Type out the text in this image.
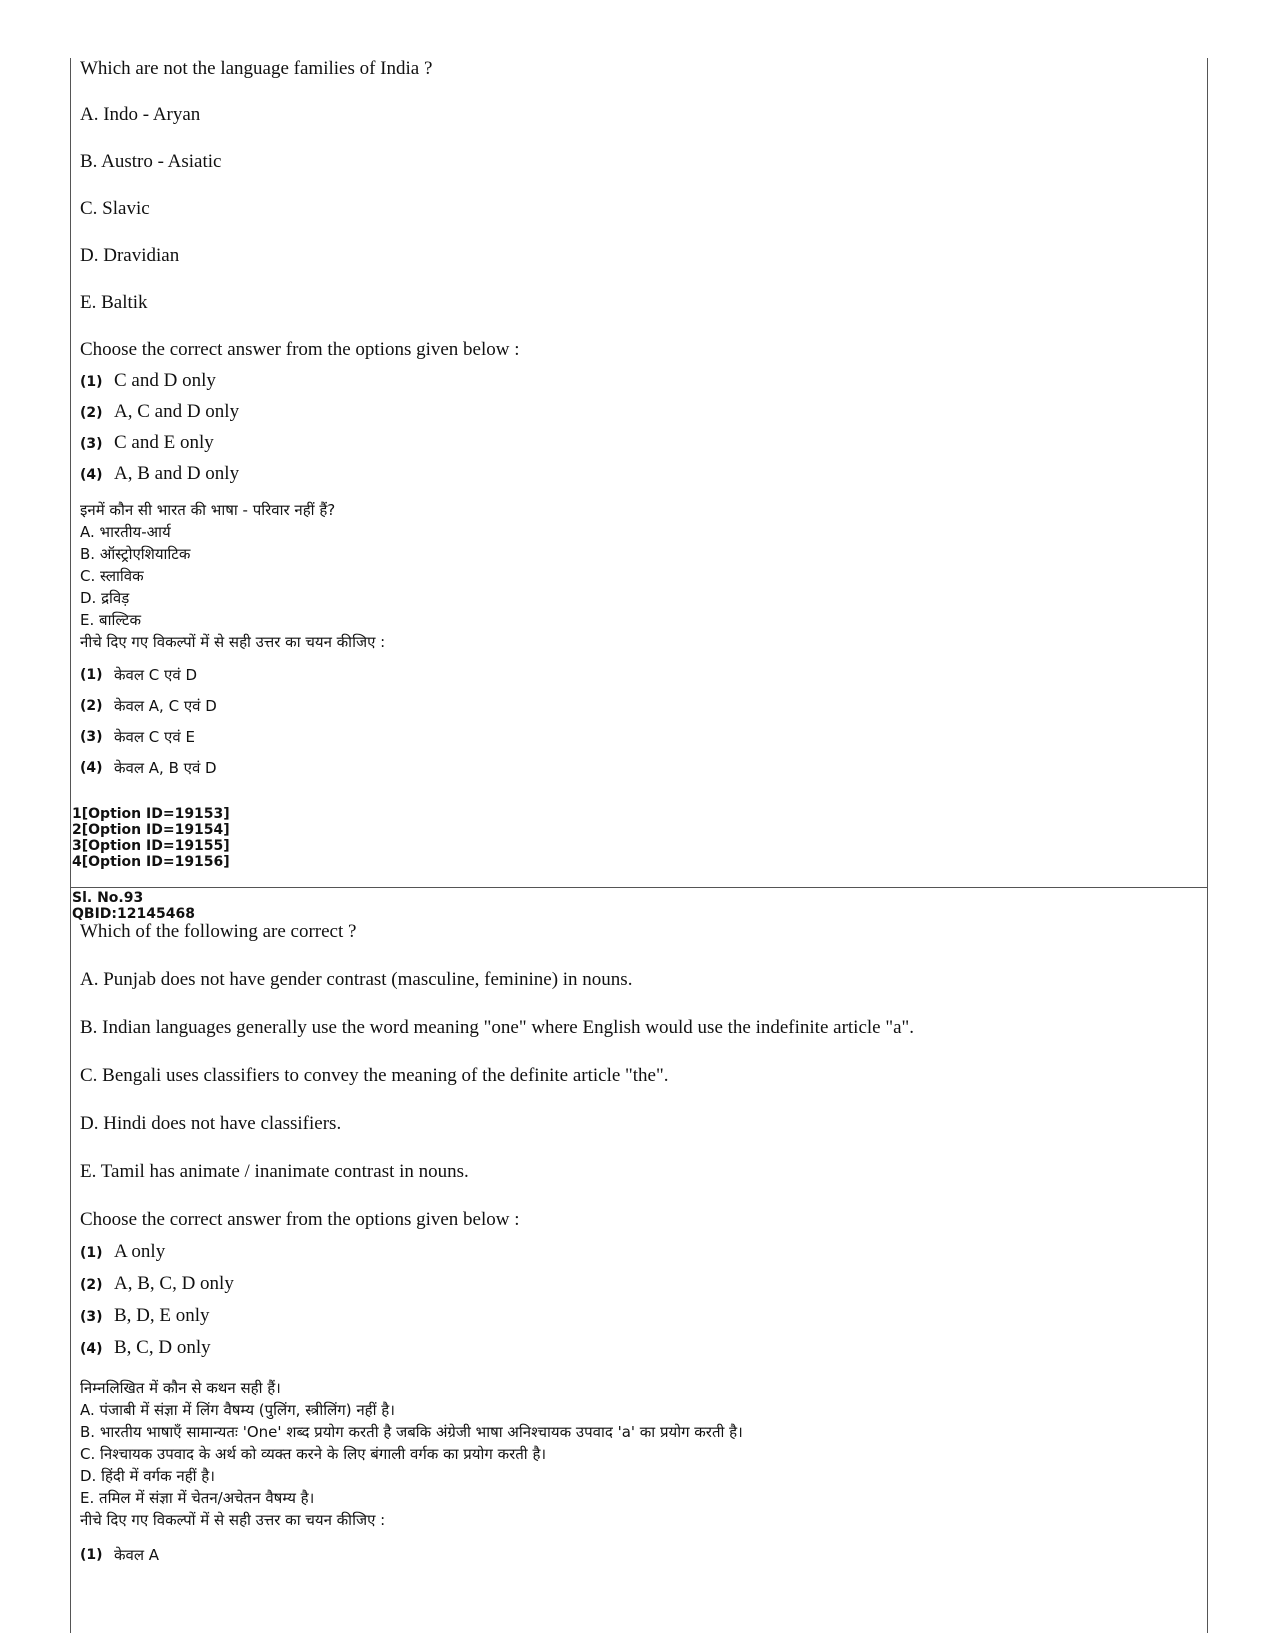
Which are not the language families of India ?
A. Indo - Aryan
B. Austro - Asiatic
C. Slavic
D. Dravidian
E. Baltik
Choose the correct answer from the options given below :
(1) C and D only
(2) A, C and D only
(3) C and E only
(4) A, B and D only
इनमें कौन सी भारत की भाषा - परिवार नहीं हैं?
A. भारतीय-आर्य
B. ऑस्ट्रोएशियाटिक
C. स्लाविक
D. द्रविड़
E. बाल्टिक
नीचे दिए गए विकल्पों में से सही उत्तर का चयन कीजिए :
(1) केवल C एवं D
(2) केवल A, C एवं D
(3) केवल C एवं E
(4) केवल A, B एवं D
1[Option ID=19153]
2[Option ID=19154]
3[Option ID=19155]
4[Option ID=19156]
Sl. No.93
QBID:12145468
Which of the following are correct ?
A. Punjab does not have gender contrast (masculine, feminine) in nouns.
B. Indian languages generally use the word meaning "one" where English would use the indefinite article "a".
C. Bengali uses classifiers to convey the meaning of the definite article "the".
D. Hindi does not have classifiers.
E. Tamil has animate / inanimate contrast in nouns.
Choose the correct answer from the options given below :
(1) A only
(2) A, B, C, D only
(3) B, D, E only
(4) B, C, D only
निम्नलिखित में कौन से कथन सही हैं।
A. पंजाबी में संज्ञा में लिंग वैषम्य (पुलिंग, स्त्रीलिंग) नहीं है।
B. भारतीय भाषाएँ सामान्यतः 'One' शब्द प्रयोग करती है जबकि अंग्रेजी भाषा अनिश्चायक उपवाद 'a' का प्रयोग करती है।
C. निश्चायक उपवाद के अर्थ को व्यक्त करने के लिए बंगाली वर्गक का प्रयोग करती है।
D. हिंदी में वर्गक नहीं है।
E. तमिल में संज्ञा में चेतन/अचेतन वैषम्य है।
नीचे दिए गए विकल्पों में से सही उत्तर का चयन कीजिए :
(1) केवल A
